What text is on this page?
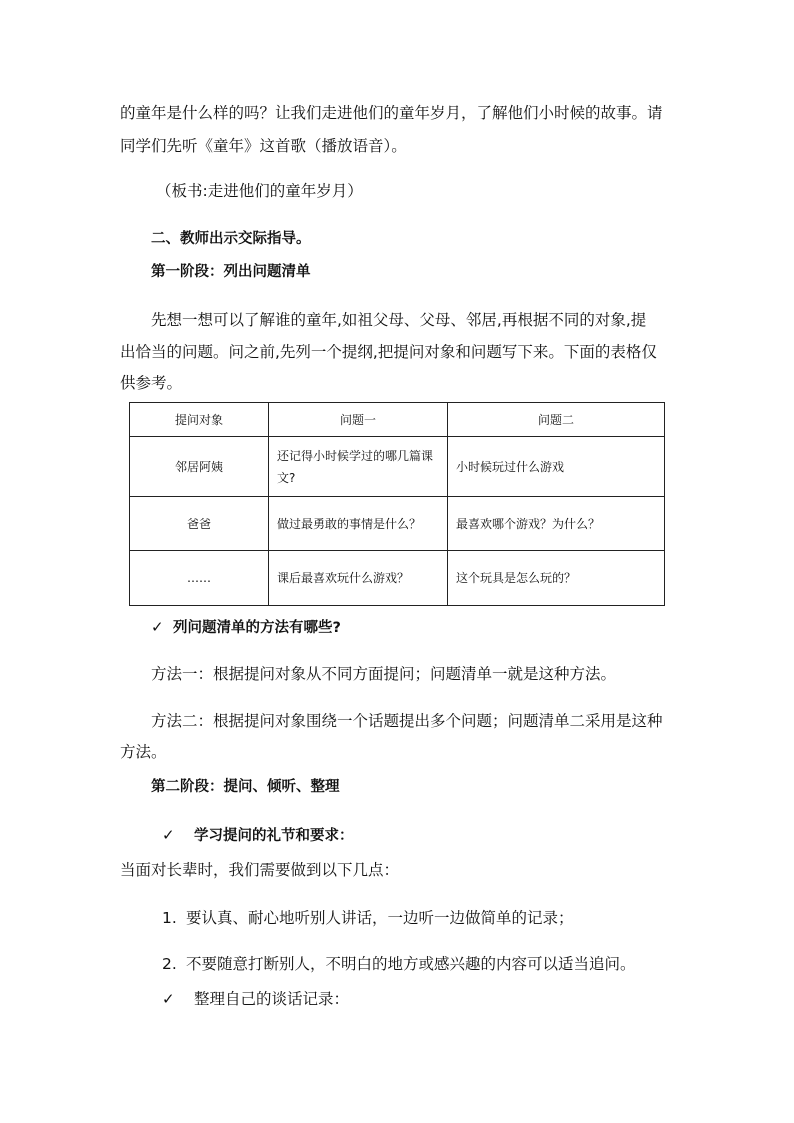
的童年是什么样的吗？让我们走进他们的童年岁月，了解他们小时候的故事。请
同学们先听《童年》这首歌（播放语音）。
（板书:走进他们的童年岁月）
二、教师出示交际指导。
第一阶段：列出问题清单
先想一想可以了解谁的童年,如祖父母、父母、邻居,再根据不同的对象,提
出恰当的问题。问之前,先列一个提纲,把提问对象和问题写下来。下面的表格仅
供参考。
提问对象	问题一	问题二
邻居阿姨	还记得小时候学过的哪几篇课文?	小时候玩过什么游戏
爸爸	做过最勇敢的事情是什么？	最喜欢哪个游戏？为什么？
……	课后最喜欢玩什么游戏？	这个玩具是怎么玩的？
✓ 列问题清单的方法有哪些?
方法一：根据提问对象从不同方面提问；问题清单一就是这种方法。
方法二：根据提问对象围绕一个话题提出多个问题；问题清单二采用是这种
方法。
第二阶段：提问、倾听、整理
✓ 学习提问的礼节和要求：
当面对长辈时，我们需要做到以下几点：
1. 要认真、耐心地听别人讲话，一边听一边做简单的记录；
2. 不要随意打断别人，不明白的地方或感兴趣的内容可以适当追问。
✓ 整理自己的谈话记录：
